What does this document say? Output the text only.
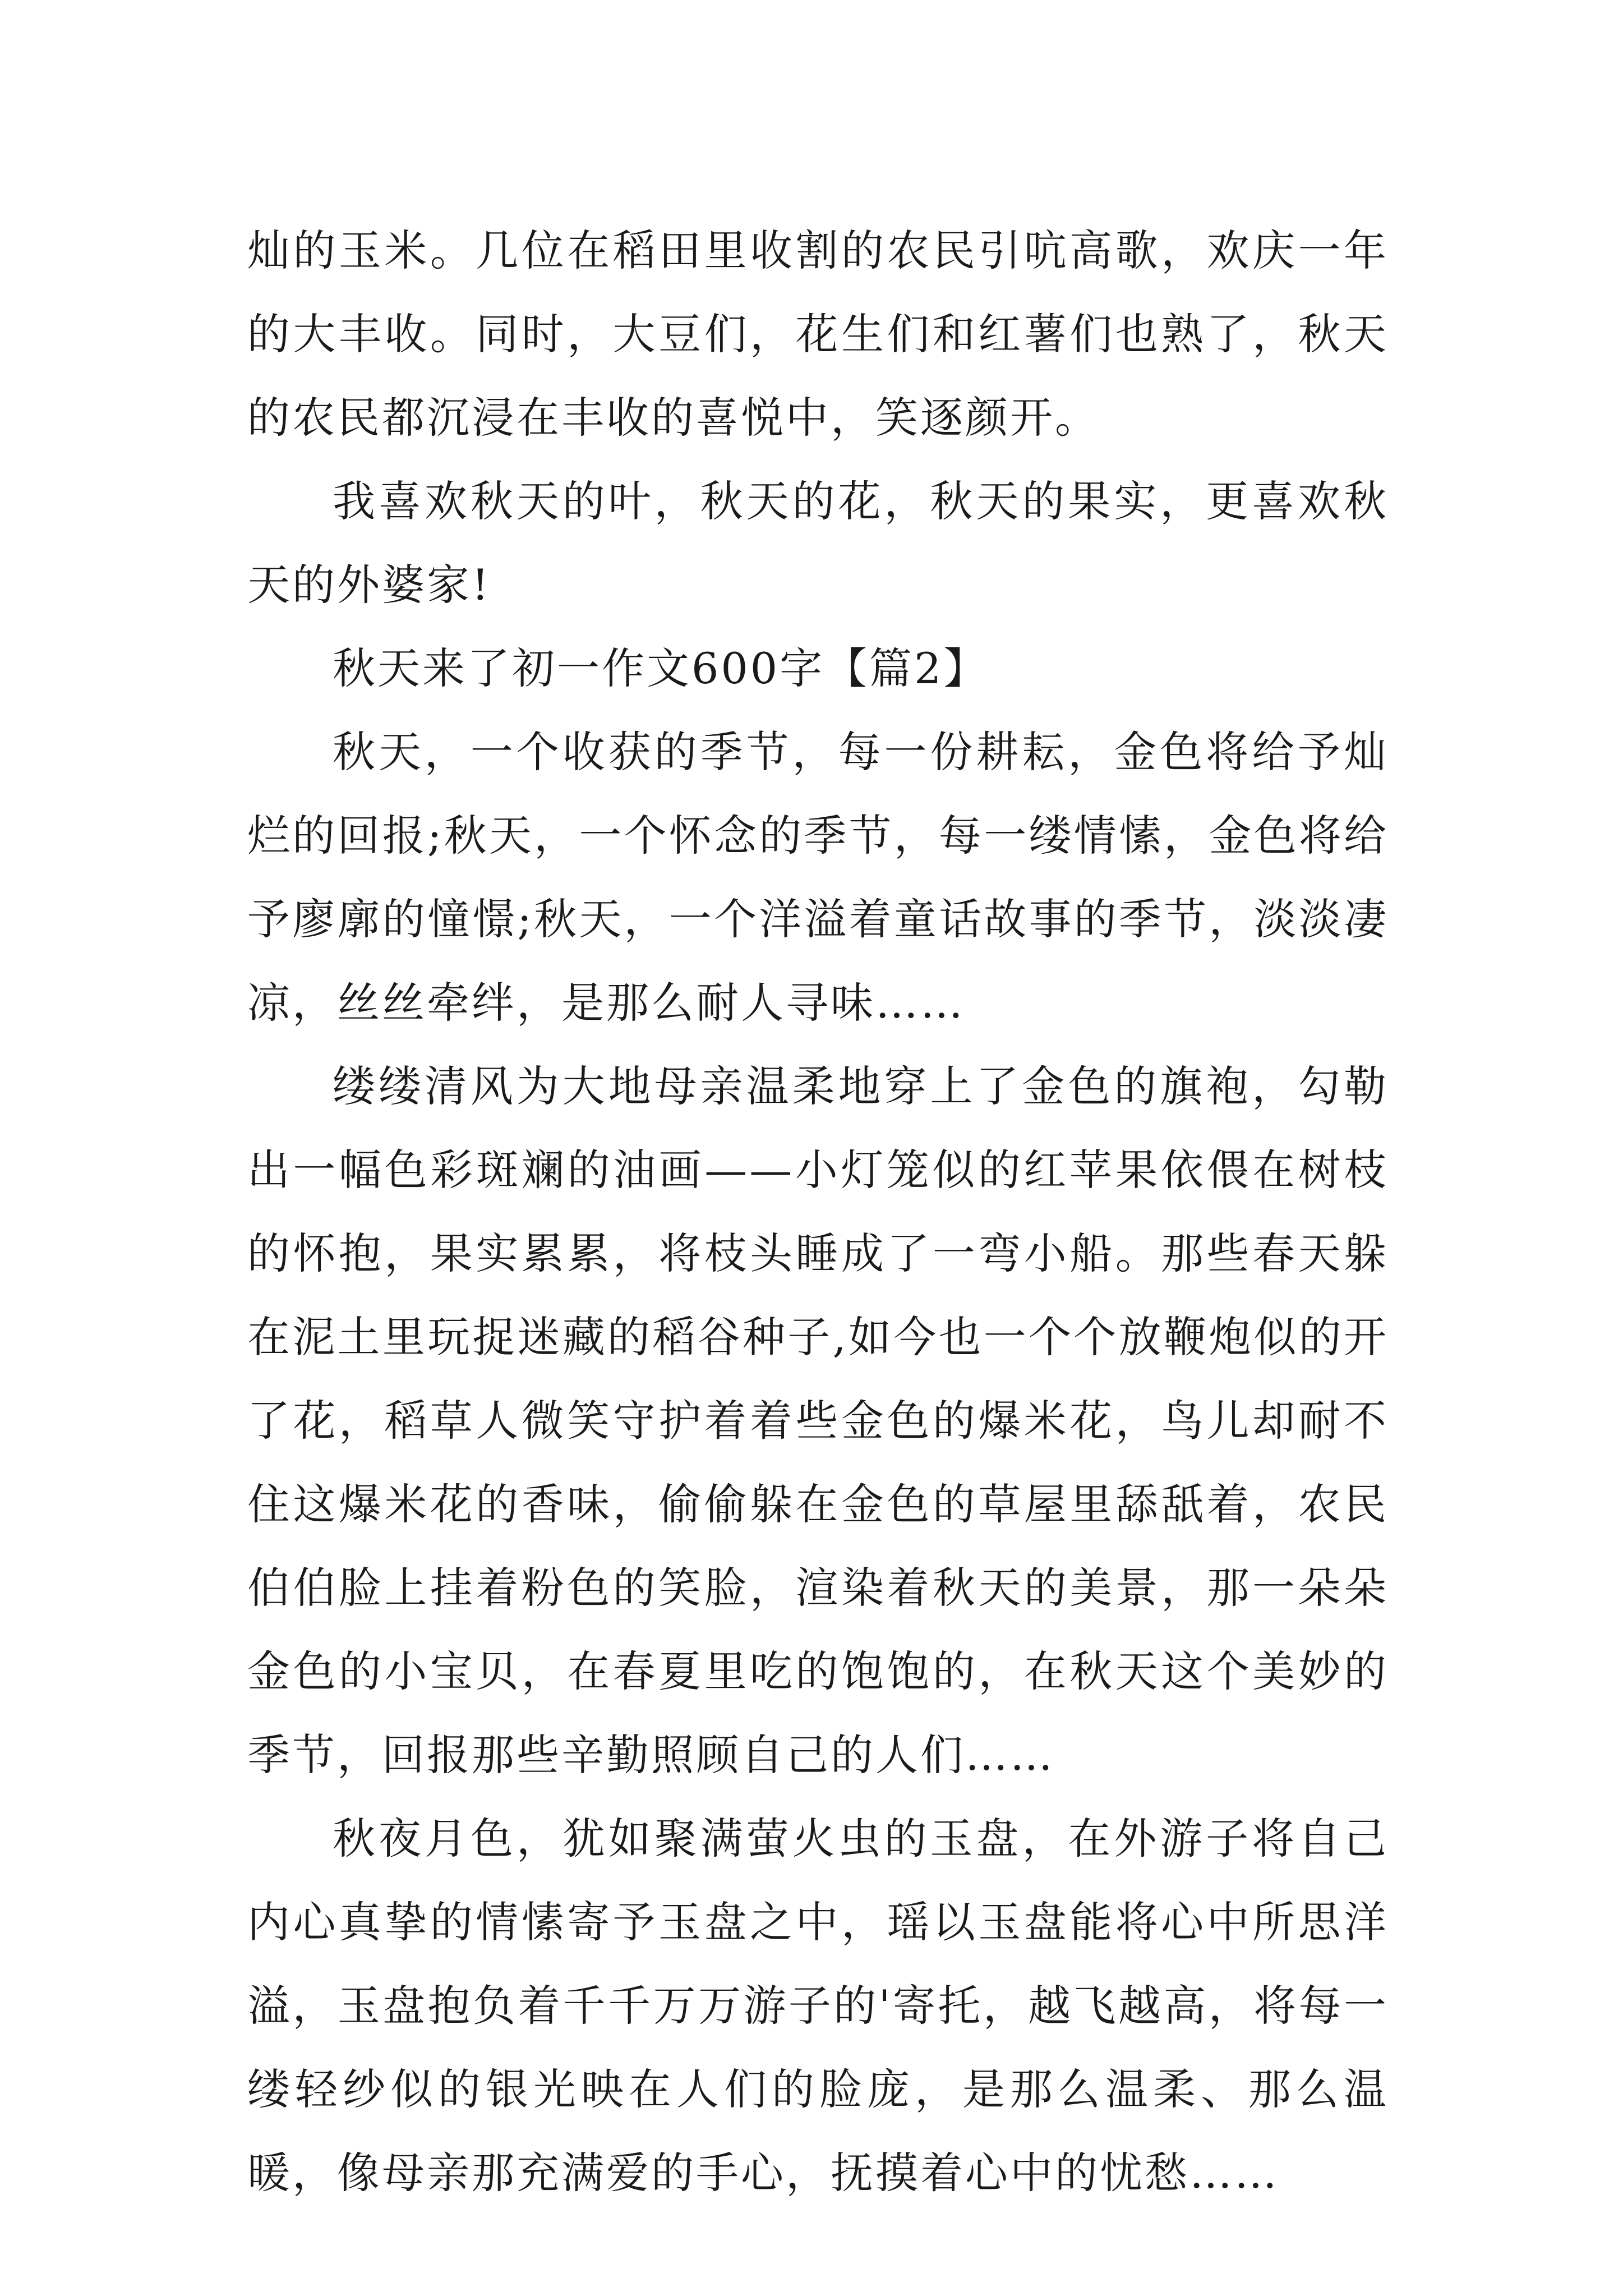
灿的玉米。几位在稻田里收割的农民引吭高歌，欢庆一年的大丰收。同时，大豆们，花生们和红薯们也熟了，秋天的农民都沉浸在丰收的喜悦中，笑逐颜开。

我喜欢秋天的叶，秋天的花，秋天的果实，更喜欢秋天的外婆家!

秋天来了初一作文600字【篇2】

秋天，一个收获的季节，每一份耕耘，金色将给予灿烂的回报;秋天，一个怀念的季节，每一缕情愫，金色将给予廖廓的憧憬;秋天，一个洋溢着童话故事的季节，淡淡凄凉，丝丝牵绊，是那么耐人寻味……

缕缕清风为大地母亲温柔地穿上了金色的旗袍，勾勒出一幅色彩斑斓的油画——小灯笼似的红苹果依偎在树枝的怀抱，果实累累，将枝头睡成了一弯小船。那些春天躲在泥土里玩捉迷藏的稻谷种子,如今也一个个放鞭炮似的开了花，稻草人微笑守护着着些金色的爆米花，鸟儿却耐不住这爆米花的香味，偷偷躲在金色的草屋里舔舐着，农民伯伯脸上挂着粉色的笑脸，渲染着秋天的美景，那一朵朵金色的小宝贝，在春夏里吃的饱饱的，在秋天这个美妙的季节，回报那些辛勤照顾自己的人们……

秋夜月色，犹如聚满萤火虫的玉盘，在外游子将自己内心真挚的情愫寄予玉盘之中，瑶以玉盘能将心中所思洋溢，玉盘抱负着千千万万游子的'寄托，越飞越高，将每一缕轻纱似的银光映在人们的脸庞，是那么温柔、那么温暖，像母亲那充满爱的手心，抚摸着心中的忧愁……
